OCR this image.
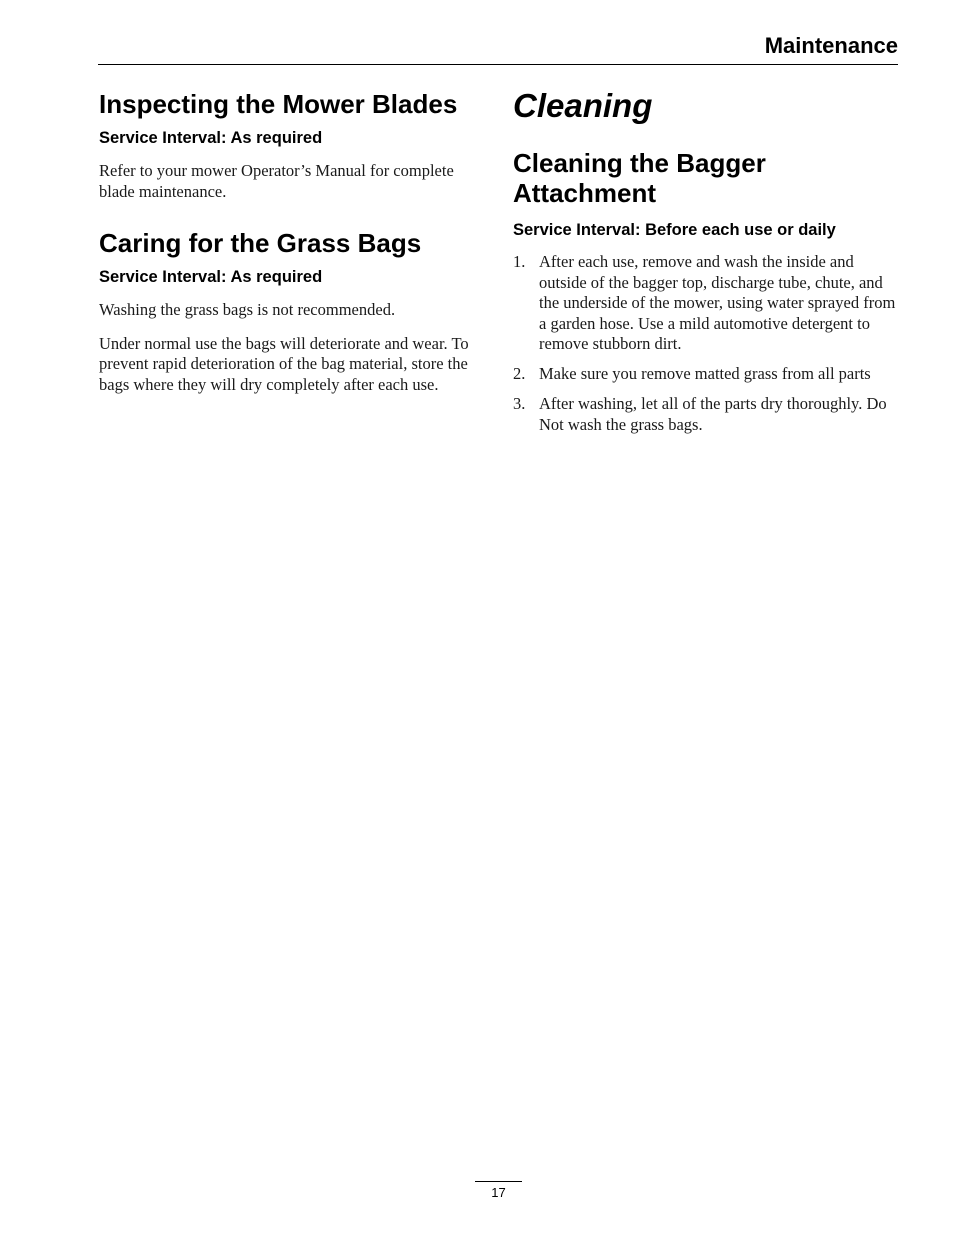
Maintenance
Inspecting the Mower Blades
Service Interval: As required

Refer to your mower Operator’s Manual for complete blade maintenance.

Caring for the Grass Bags
Service Interval: As required

Washing the grass bags is not recommended.

Under normal use the bags will deteriorate and wear. To prevent rapid deterioration of the bag material, store the bags where they will dry completely after each use.

Cleaning
Cleaning the Bagger Attachment
Service Interval: Before each use or daily
1. After each use, remove and wash the inside and outside of the bagger top, discharge tube, chute, and the underside of the mower, using water sprayed from a garden hose. Use a mild automotive detergent to remove stubborn dirt.
2. Make sure you remove matted grass from all parts
3. After washing, let all of the parts dry thoroughly. Do Not wash the grass bags.
17
